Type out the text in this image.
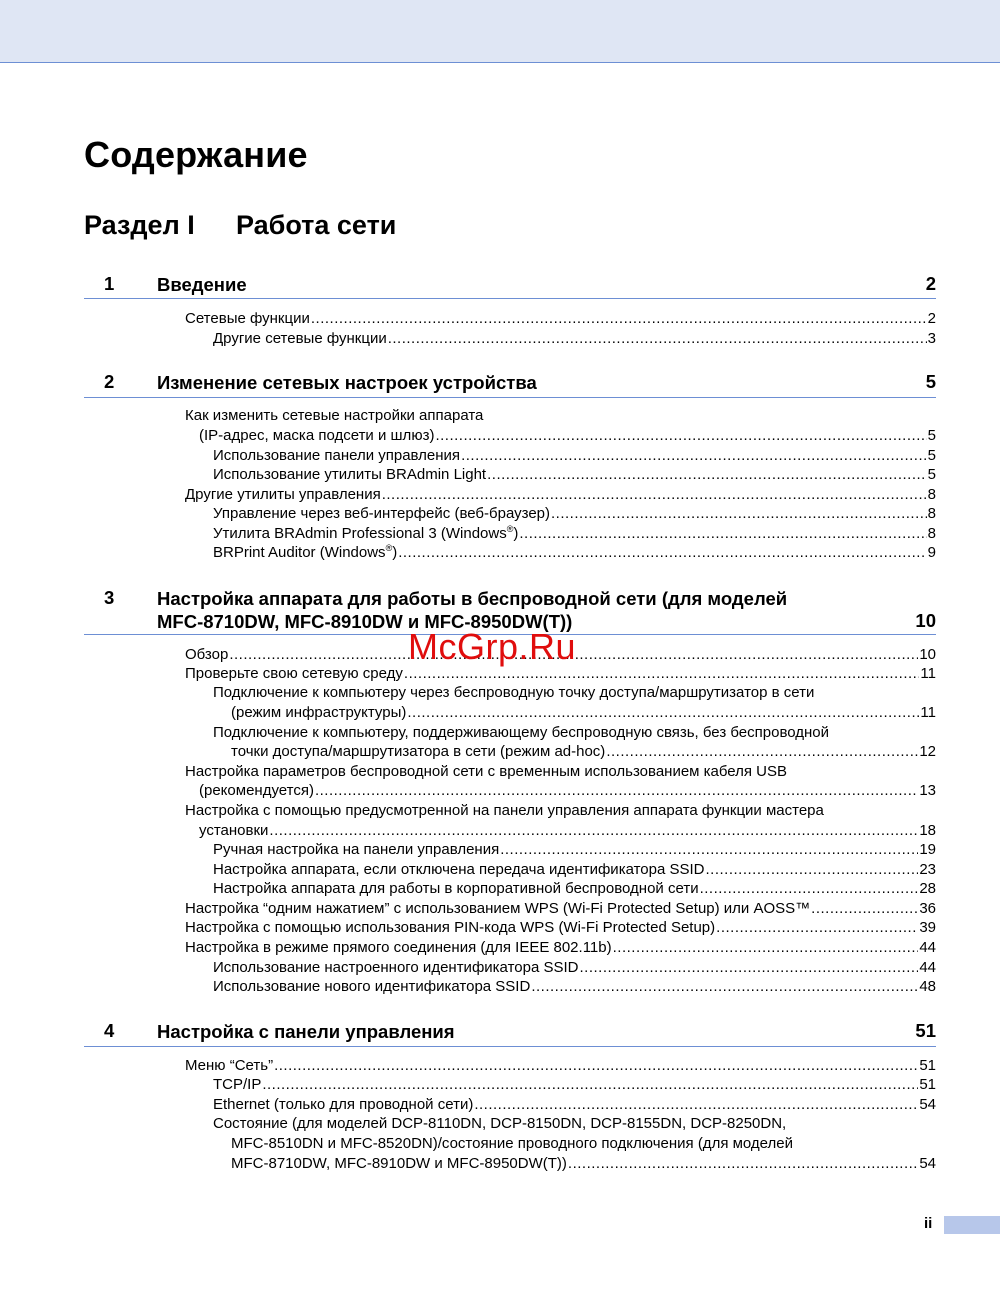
Содержание
Раздел I Работа сети
1 Введение	2
Сетевые функции .....	2
Другие сетевые функции .....	3
2 Изменение сетевых настроек устройства	5
Как изменить сетевые настройки аппарата
(IP-адрес, маска подсети и шлюз) .....	5
Использование панели управления .....	5
Использование утилиты BRAdmin Light .....	5
Другие утилиты управления .....	8
Управление через веб-интерфейс (веб-браузер) .....	8
Утилита BRAdmin Professional 3 (Windows®) .....	8
BRPrint Auditor (Windows®) .....	9
3 Настройка аппарата для работы в беспроводной сети (для моделей
MFC-8710DW, MFC-8910DW и MFC-8950DW(T))	10
Обзор .....	10
Проверьте свою сетевую среду .....	11
Подключение к компьютеру через беспроводную точку доступа/маршрутизатор в сети
(режим инфраструктуры) .....	11
Подключение к компьютеру, поддерживающему беспроводную связь, без беспроводной
точки доступа/маршрутизатора в сети (режим ad-hoc) .....	12
Настройка параметров беспроводной сети с временным использованием кабеля USB
(рекомендуется) .....	13
Настройка с помощью предусмотренной на панели управления аппарата функции мастера
установки .....	18
Ручная настройка на панели управления .....	19
Настройка аппарата, если отключена передача идентификатора SSID .....	23
Настройка аппарата для работы в корпоративной беспроводной сети .....	28
Настройка “одним нажатием” с использованием WPS (Wi-Fi Protected Setup) или AOSS™ .....	36
Настройка с помощью использования PIN-кода WPS (Wi-Fi Protected Setup) .....	39
Настройка в режиме прямого соединения (для IEEE 802.11b) .....	44
Использование настроенного идентификатора SSID .....	44
Использование нового идентификатора SSID .....	48
4 Настройка с панели управления	51
Меню “Сеть” .....	51
TCP/IP .....	51
Ethernet (только для проводной сети) .....	54
Состояние (для моделей DCP-8110DN, DCP-8150DN, DCP-8155DN, DCP-8250DN,
MFC-8510DN и MFC-8520DN)/состояние проводного подключения (для моделей
MFC-8710DW, MFC-8910DW и MFC-8950DW(T)) .....	54
McGrp.Ru
ii
